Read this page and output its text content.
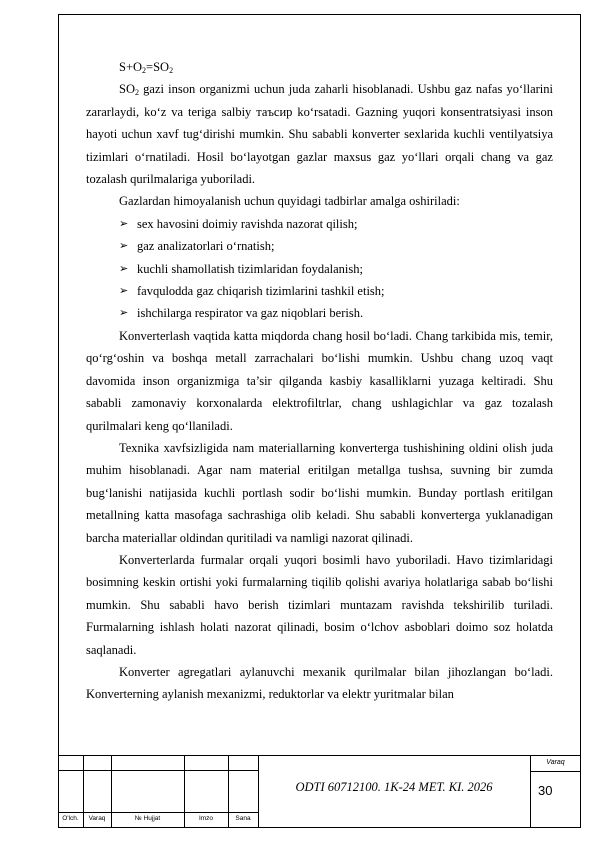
$S+O_2=SO_2$

$SO_2$ gazi inson organizmi uchun juda zaharli hisoblanadi. Ushbu gaz nafas yo‘llarini zararlaydi, ko‘z va teriga salbiy таъсир ko‘rsatadi. Gazning yuqori konsentratsiyasi inson hayoti uchun xavf tug‘dirishi mumkin. Shu sababli konverter sexlarida kuchli ventilyatsiya tizimlari o‘rnatiladi. Hosil bo‘layotgan gazlar maxsus gaz yo‘llari orqali chang va gaz tozalash qurilmalariga yuboriladi.

Gazlardan himoyalanish uchun quyidagi tadbirlar amalga oshiriladi:

➢ sex havosini doimiy ravishda nazorat qilish;
➢ gaz analizatorlari o‘rnatish;
➢ kuchli shamollatish tizimlaridan foydalanish;
➢ favqulodda gaz chiqarish tizimlarini tashkil etish;
➢ ishchilarga respirator va gaz niqoblari berish.

Konverterlash vaqtida katta miqdorda chang hosil bo‘ladi. Chang tarkibida mis, temir, qo‘rg‘oshin va boshqa metall zarrachalari bo‘lishi mumkin. Ushbu chang uzoq vaqt davomida inson organizmiga ta’sir qilganda kasbiy kasalliklarni yuzaga keltiradi. Shu sababli zamonaviy korxonalarda elektrofiltrlar, chang ushlagichlar va gaz tozalash qurilmalari keng qo‘llaniladi.

Texnika xavfsizligida nam materiallarning konverterga tushishining oldini olish juda muhim hisoblanadi. Agar nam material eritilgan metallga tushsa, suvning bir zumda bug‘lanishi natijasida kuchli portlash sodir bo‘lishi mumkin. Bunday portlash eritilgan metallning katta masofaga sachrashiga olib keladi. Shu sababli konverterga yuklanadigan barcha materiallar oldindan quritiladi va namligi nazorat qilinadi.

Konverterlarda furmalar orqali yuqori bosimli havo yuboriladi. Havo tizimlaridagi bosimning keskin ortishi yoki furmalarning tiqilib qolishi avariya holatlariga sabab bo‘lishi mumkin. Shu sababli havo berish tizimlari muntazam ravishda tekshirilib turiladi. Furmalarning ishlash holati nazorat qilinadi, bosim o‘lchov asboblari doimo soz holatda saqlanadi.

Konverter agregatlari aylanuvchi mexanik qurilmalar bilan jihozlangan bo‘ladi. Konverterning aylanish mexanizmi, reduktorlar va elektr yuritmalar bilan

O'lch.	Varaq	№ Hujjat	Imzo	Sana
ODTI 60712100. 1K-24 MET. KI. 2026
Varaq
30
